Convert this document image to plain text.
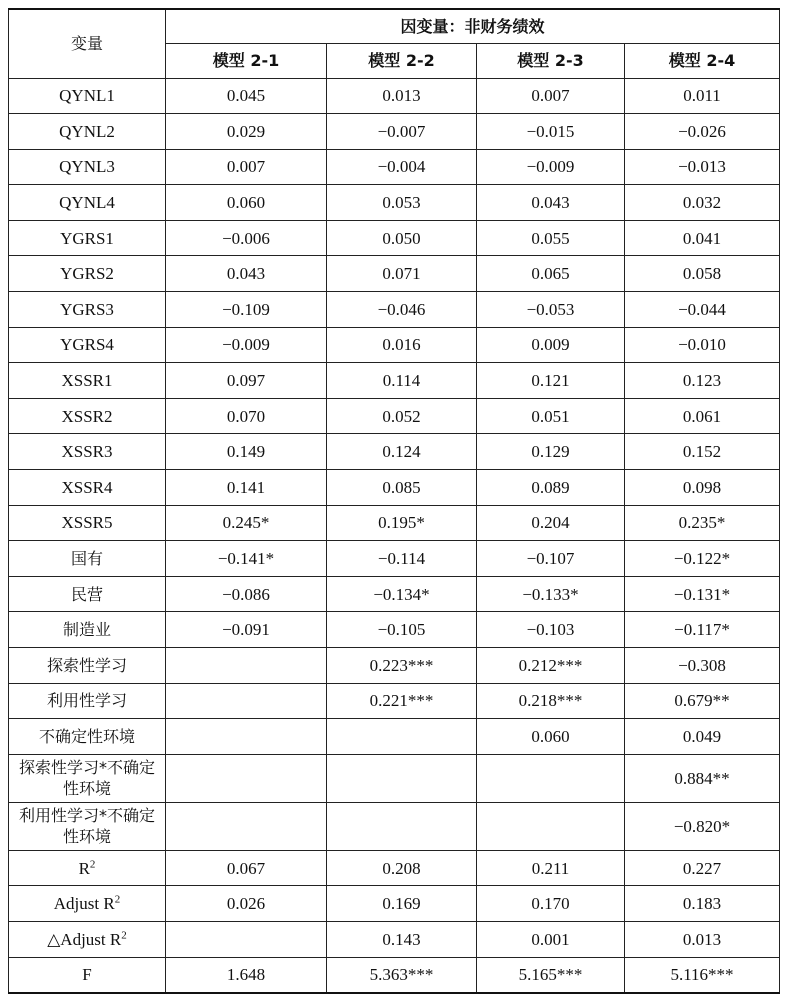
变量	因变量：非财务绩效			
	模型 2-1	模型 2-2	模型 2-3	模型 2-4
QYNL1	0.045	0.013	0.007	0.011
QYNL2	0.029	−0.007	−0.015	−0.026
QYNL3	0.007	−0.004	−0.009	−0.013
QYNL4	0.060	0.053	0.043	0.032
YGRS1	−0.006	0.050	0.055	0.041
YGRS2	0.043	0.071	0.065	0.058
YGRS3	−0.109	−0.046	−0.053	−0.044
YGRS4	−0.009	0.016	0.009	−0.010
XSSR1	0.097	0.114	0.121	0.123
XSSR2	0.070	0.052	0.051	0.061
XSSR3	0.149	0.124	0.129	0.152
XSSR4	0.141	0.085	0.089	0.098
XSSR5	0.245*	0.195*	0.204	0.235*
国有	−0.141*	−0.114	−0.107	−0.122*
民营	−0.086	−0.134*	−0.133*	−0.131*
制造业	−0.091	−0.105	−0.103	−0.117*
探索性学习		0.223***	0.212***	−0.308
利用性学习		0.221***	0.218***	0.679**
不确定性环境			0.060	0.049
探索性学习*不确定性环境				0.884**
利用性学习*不确定性环境				−0.820*
$R^2$	0.067	0.208	0.211	0.227
Adjust $R^2$	0.026	0.169	0.170	0.183
△Adjust $R^2$		0.143	0.001	0.013
F	1.648	5.363***	5.165***	5.116***
